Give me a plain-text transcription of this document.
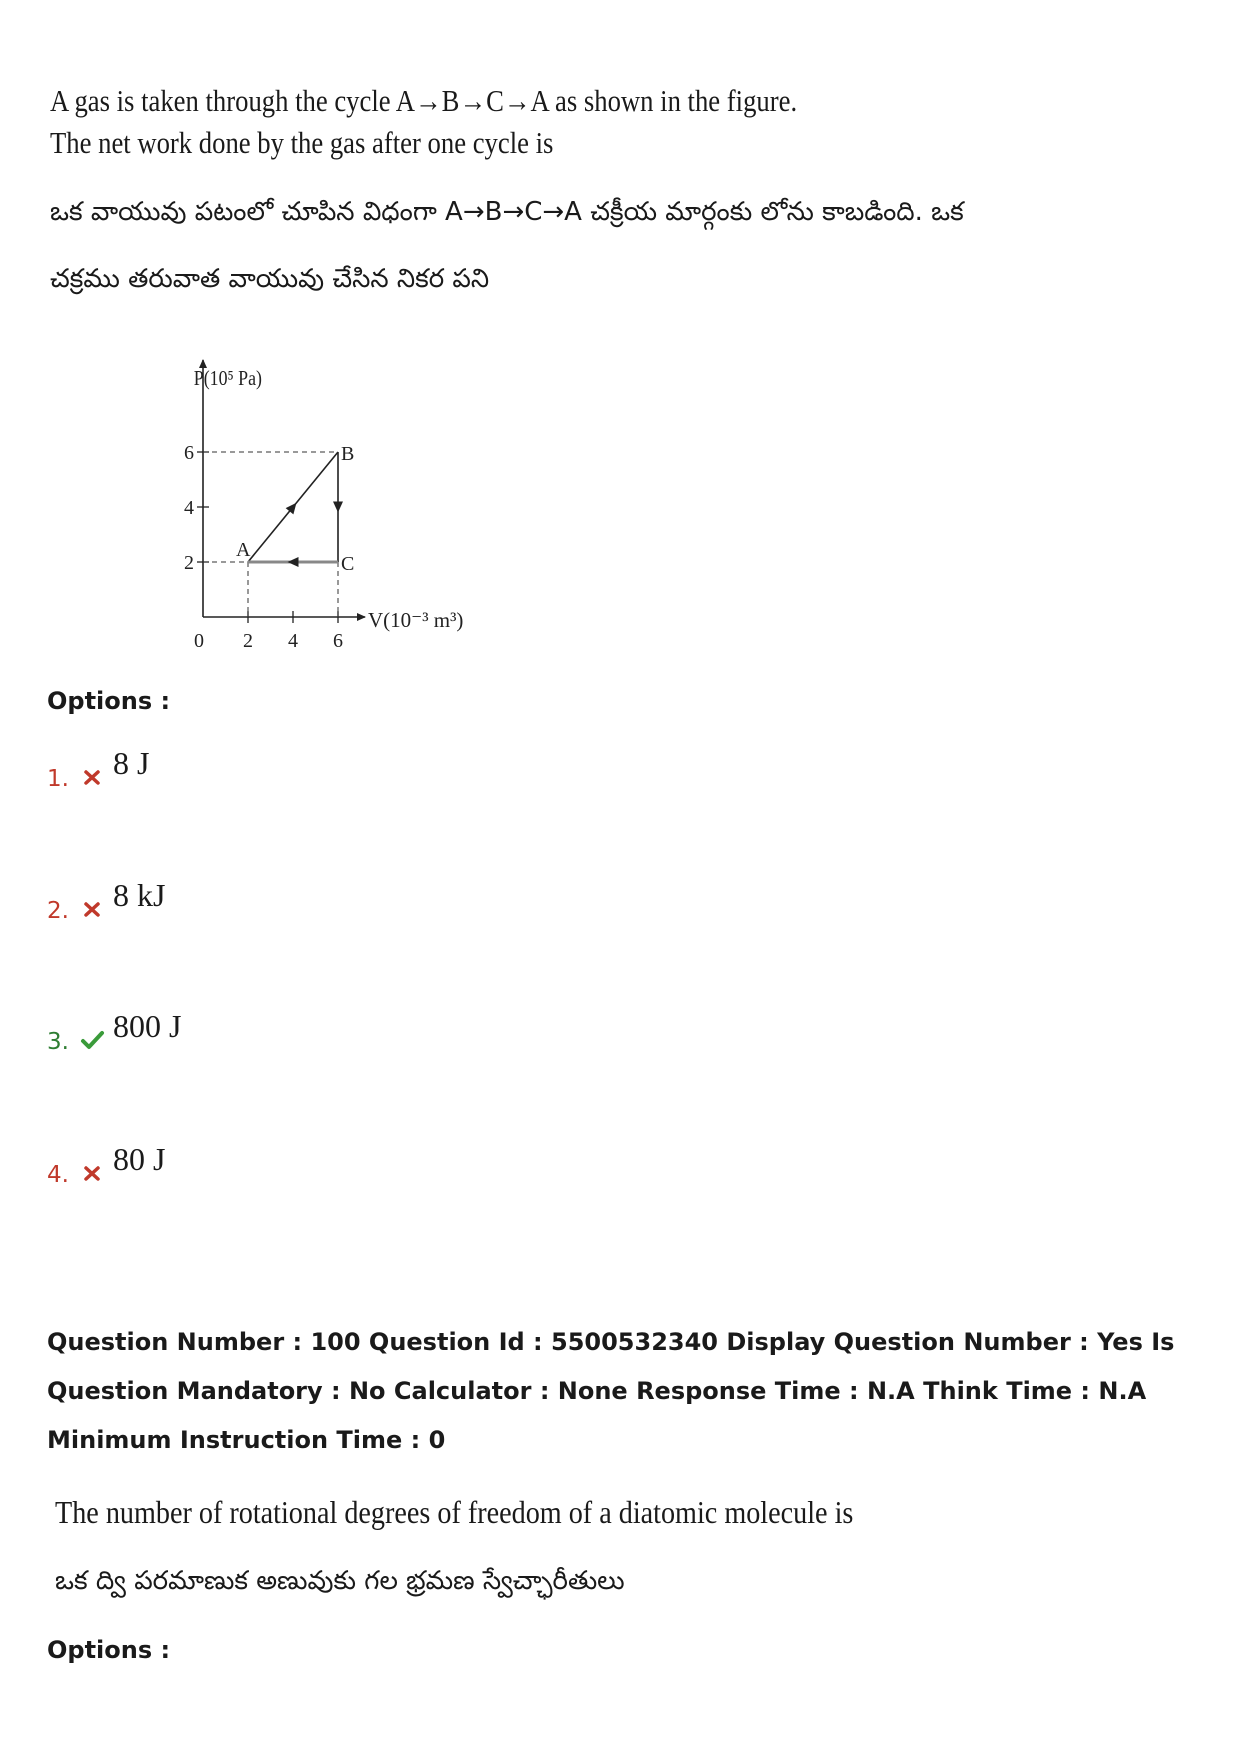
A gas is taken through the cycle A→B→C→A as shown in the figure. The net work done by the gas after one cycle is
ఒక వాయువు పటంలో చూపిన విధంగా A→B→C→A చక్రీయ మార్గంకు లోను కాబడింది. ఒక
చక్రము తరువాత వాయువు చేసిన నికర పని
P(10⁵ Pa)
V(10⁻³ m³)
0 2 4 6
2
4
6
A
B
C
Options :
1.	8 J
2.	8 kJ
3.	800 J
4.	80 J
Question Number : 100 Question Id : 5500532340 Display Question Number : Yes Is Question Mandatory : No Calculator : None Response Time : N.A Think Time : N.A Minimum Instruction Time : 0
The number of rotational degrees of freedom of a diatomic molecule is
ఒక ద్వి పరమాణుక అణువుకు గల భ్రమణ స్వేచ్ఛారీతులు
Options :
